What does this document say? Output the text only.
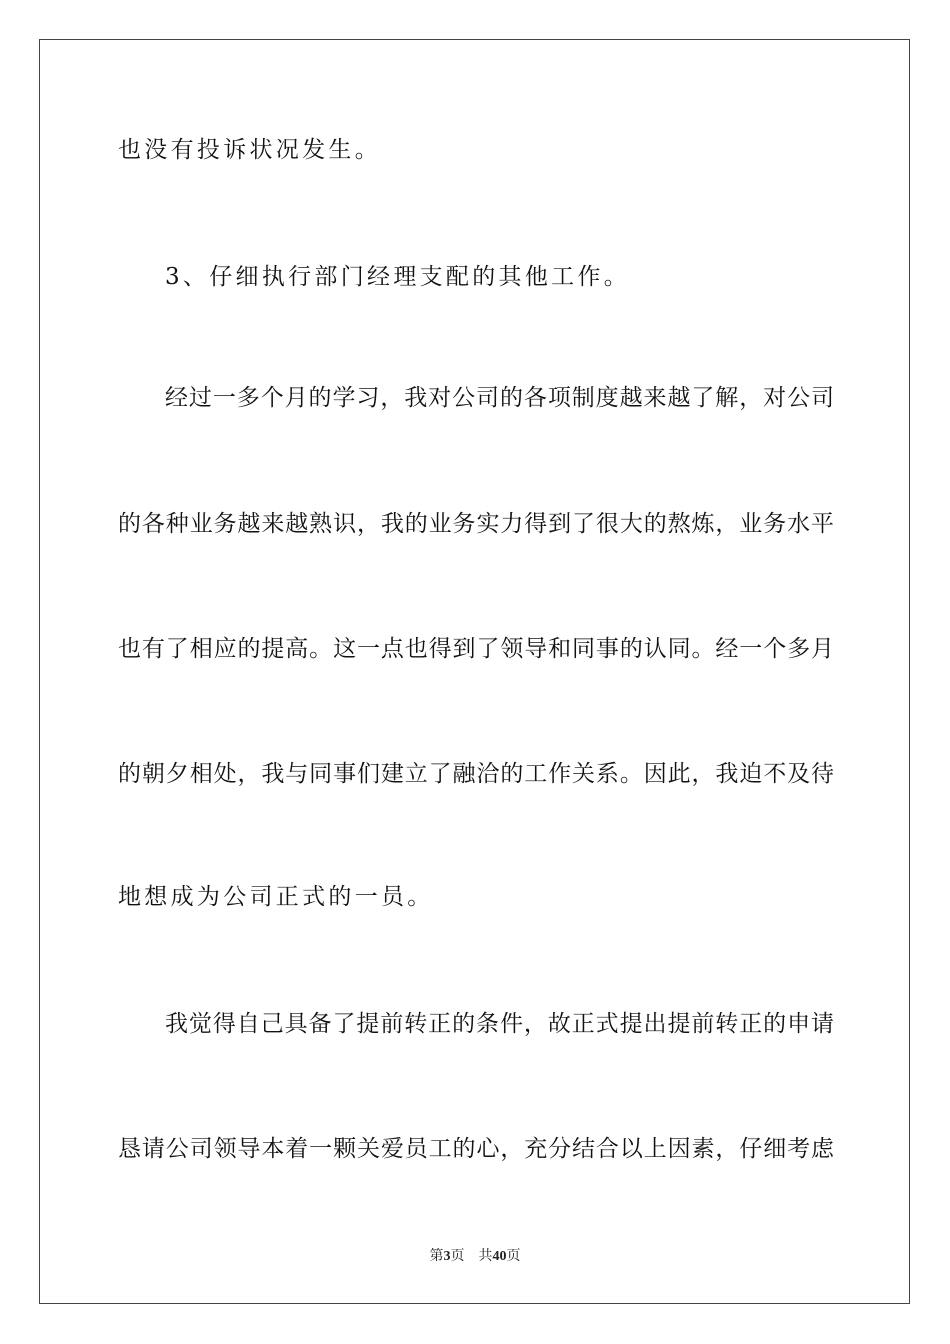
也没有投诉状况发生。
3、仔细执行部门经理支配的其他工作。
经过一多个月的学习，我对公司的各项制度越来越了解，对公司
的各种业务越来越熟识，我的业务实力得到了很大的熬炼，业务水平
也有了相应的提高。这一点也得到了领导和同事的认同。经一个多月
的朝夕相处，我与同事们建立了融洽的工作关系。因此，我迫不及待
地想成为公司正式的一员。
我觉得自己具备了提前转正的条件，故正式提出提前转正的申请
恳请公司领导本着一颗关爱员工的心，充分结合以上因素，仔细考虑
第3页 共40页
